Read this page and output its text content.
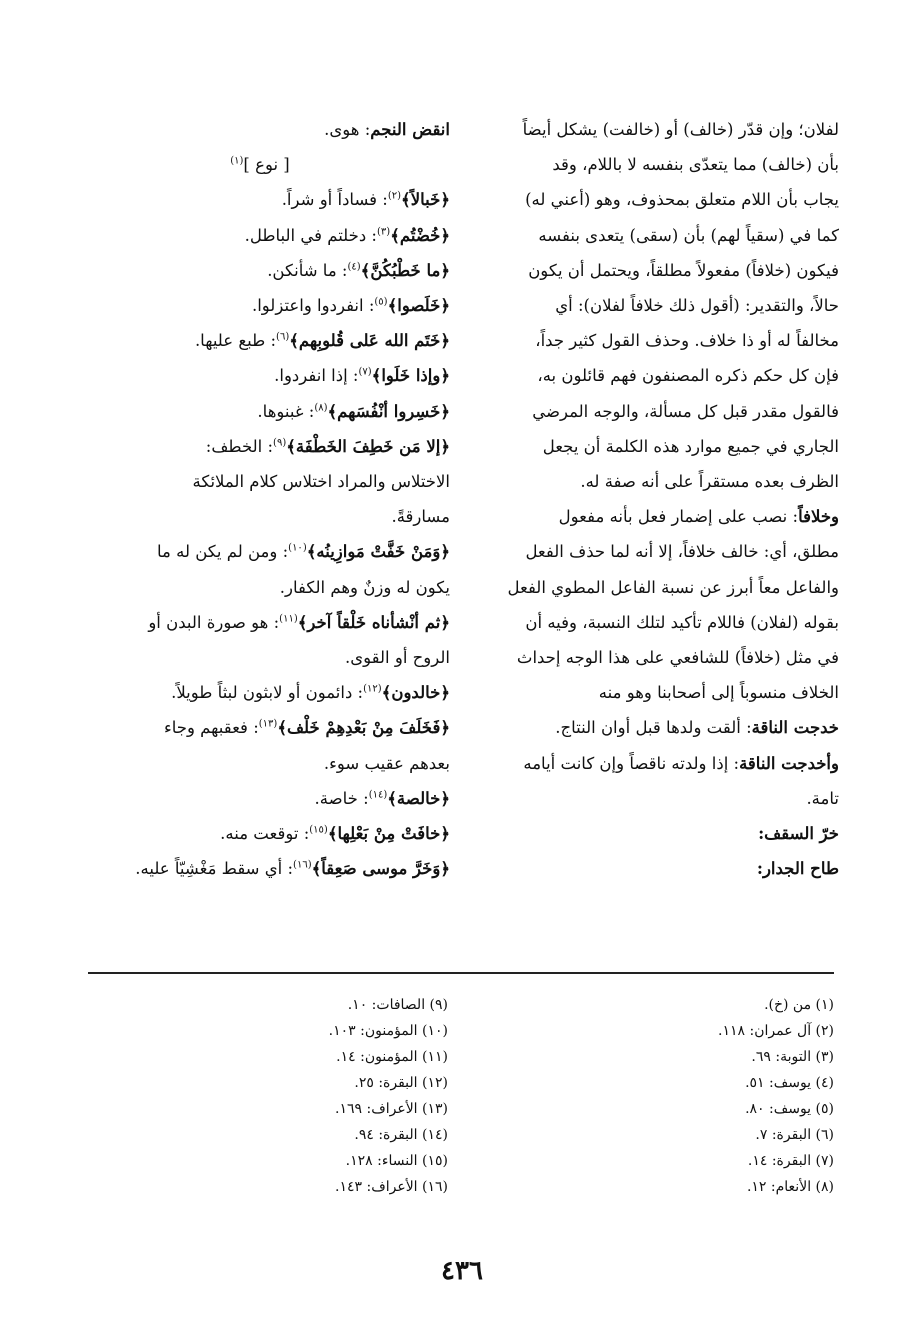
لفلان؛ وإن قدّر (خالف) أو (خالفت) يشكل أيضاً
بأن (خالف) مما يتعدّى بنفسه لا باللام، وقد
يجاب بأن اللام متعلق بمحذوف، وهو (أعني له)
كما في (سقياً لهم) بأن (سقى) يتعدى بنفسه
فيكون (خلافاً) مفعولاً مطلقاً، ويحتمل أن يكون
حالاً، والتقدير: (أقول ذلك خلافاً لفلان): أي
مخالفاً له أو ذا خلاف. وحذف القول كثير جداً،
فإن كل حكم ذكره المصنفون فهم قائلون به،
فالقول مقدر قبل كل مسألة، والوجه المرضي
الجاري في جميع موارد هذه الكلمة أن يجعل
الظرف بعده مستقراً على أنه صفة له.
وخلافاً: نصب على إضمار فعل بأنه مفعول
مطلق، أي: خالف خلافاً، إلا أنه لما حذف الفعل
والفاعل معاً أبرز عن نسبة الفاعل المطوي الفعل
بقوله (لفلان) فاللام تأكيد لتلك النسبة، وفيه أن
في مثل (خلافاً) للشافعي على هذا الوجه إحداث
الخلاف منسوباً إلى أصحابنا وهو منه
خدجت الناقة: ألقت ولدها قبل أوان النتاج.
وأخدجت الناقة: إذا ولدته ناقصاً وإن كانت أيامه
تامة.
خرّ السقف:
طاح الجدار:
انقض النجم: هوى.
[ نوع ]$^{(١)}$
﴿خَبالاً﴾$^{(٢)}$: فساداً أو شراً.
﴿خُضْتُم﴾$^{(٣)}$: دخلتم في الباطل.
﴿ما خَطْبُكُنَّ﴾$^{(٤)}$: ما شأنكن.
﴿خَلَصوا﴾$^{(٥)}$: انفردوا واعتزلوا.
﴿خَتَم الله عَلى قُلوبِهم﴾$^{(٦)}$: طبع عليها.
﴿وإذا خَلَوا﴾$^{(٧)}$: إذا انفردوا.
﴿خَسِروا أنْفُسَهم﴾$^{(٨)}$: غبنوها.
﴿إلا مَن خَطِفَ الخَطْفَة﴾$^{(٩)}$: الخطف:
الاختلاس والمراد اختلاس كلام الملائكة
مسارقةً.
﴿وَمَنْ خَفَّتْ مَوازِينُه﴾$^{(١٠)}$: ومن لم يكن له ما
يكون له وزنٌ وهم الكفار.
﴿ثم أنْشأناه خَلْقاً آخر﴾$^{(١١)}$: هو صورة البدن أو
الروح أو القوى.
﴿خالدون﴾$^{(١٢)}$: دائمون أو لابثون لبثاً طويلاً.
﴿فَخَلَفَ مِنْ بَعْدِهِمْ خَلْف﴾$^{(١٣)}$: فعقبهم وجاء
بعدهم عقيب سوء.
﴿خالصة﴾$^{(١٤)}$: خاصة.
﴿خافَتْ مِنْ بَعْلِها﴾$^{(١٥)}$: توقعت منه.
﴿وَخَرَّ موسى صَعِقاً﴾$^{(١٦)}$: أي سقط مَغْشِيّاً عليه.
(١) من (خ).
(٢) آل عمران: ١١٨.
(٣) التوبة: ٦٩.
(٤) يوسف: ٥١.
(٥) يوسف: ٨٠.
(٦) البقرة: ٧.
(٧) البقرة: ١٤.
(٨) الأنعام: ١٢.
(٩) الصافات: ١٠.
(١٠) المؤمنون: ١٠٣.
(١١) المؤمنون: ١٤.
(١٢) البقرة: ٢٥.
(١٣) الأعراف: ١٦٩.
(١٤) البقرة: ٩٤.
(١٥) النساء: ١٢٨.
(١٦) الأعراف: ١٤٣.
٤٣٦
